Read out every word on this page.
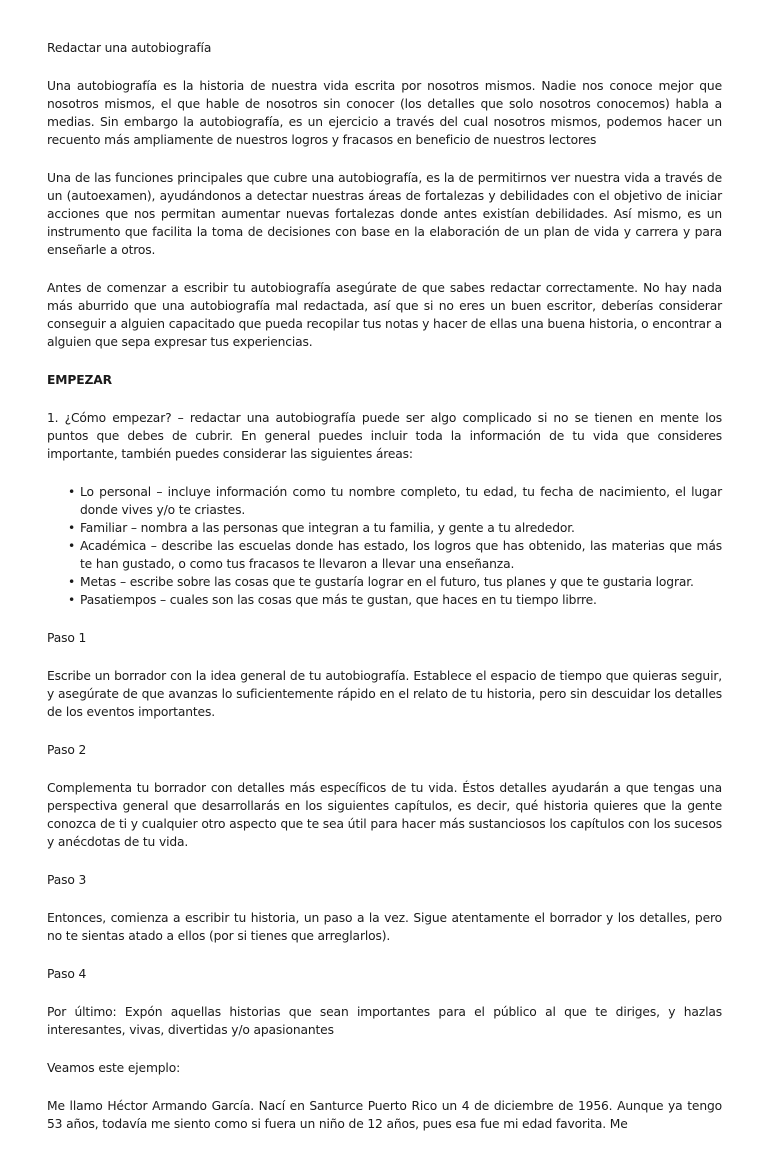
Redactar una autobiografía

Una autobiografía es la historia de nuestra vida escrita por nosotros mismos. Nadie nos conoce mejor que nosotros mismos, el que hable de nosotros sin conocer (los detalles que solo nosotros conocemos) habla a medias. Sin embargo la autobiografía, es un ejercicio a través del cual nosotros mismos, podemos hacer un recuento más ampliamente de nuestros logros y fracasos en beneficio de nuestros lectores

Una de las funciones principales que cubre una autobiografía, es la de permitirnos ver nuestra vida a través de un (autoexamen), ayudándonos a detectar nuestras áreas de fortalezas y debilidades con el objetivo de iniciar acciones que nos permitan aumentar nuevas fortalezas donde antes existían debilidades. Así mismo, es un instrumento que facilita la toma de decisiones con base en la elaboración de un plan de vida y carrera y para enseñarle a otros.

Antes de comenzar a escribir tu autobiografía asegúrate de que sabes redactar correctamente. No hay nada más aburrido que una autobiografía mal redactada, así que si no eres un buen escritor, deberías considerar conseguir a alguien capacitado que pueda recopilar tus notas y hacer de ellas una buena historia, o encontrar a alguien que sepa expresar tus experiencias.

EMPEZAR

1. ¿Cómo empezar? – redactar una autobiografía puede ser algo complicado si no se tienen en mente los puntos que debes de cubrir. En general puedes incluir toda la información de tu vida que consideres importante, también puedes considerar las siguientes áreas:

• Lo personal – incluye información como tu nombre completo, tu edad, tu fecha de nacimiento, el lugar donde vives y/o te criastes.
• Familiar – nombra a las personas que integran a tu familia, y gente a tu alrededor.
• Académica – describe las escuelas donde has estado, los logros que has obtenido, las materias que más te han gustado, o como tus fracasos te llevaron a llevar una enseñanza.
• Metas – escribe sobre las cosas que te gustaría lograr en el futuro, tus planes y que te gustaria lograr.
• Pasatiempos – cuales son las cosas que más te gustan, que haces en tu tiempo librre.

Paso 1

Escribe un borrador con la idea general de tu autobiografía. Establece el espacio de tiempo que quieras seguir, y asegúrate de que avanzas lo suficientemente rápido en el relato de tu historia, pero sin descuidar los detalles de los eventos importantes.

Paso 2

Complementa tu borrador con detalles más específicos de tu vida. Éstos detalles ayudarán a que tengas una perspectiva general que desarrollarás en los siguientes capítulos, es decir, qué historia quieres que la gente conozca de ti y cualquier otro aspecto que te sea útil para hacer más sustanciosos los capítulos con los sucesos y anécdotas de tu vida.

Paso 3

Entonces, comienza a escribir tu historia, un paso a la vez. Sigue atentamente el borrador y los detalles, pero no te sientas atado a ellos (por si tienes que arreglarlos).

Paso 4

Por último: Expón aquellas historias que sean importantes para el público al que te diriges, y hazlas interesantes, vivas, divertidas y/o apasionantes

Veamos este ejemplo:

Me llamo Héctor Armando García. Nací en Santurce Puerto Rico un 4 de diciembre de 1956. Aunque ya tengo 53 años, todavía me siento como si fuera un niño de 12 años, pues esa fue mi edad favorita. Me
